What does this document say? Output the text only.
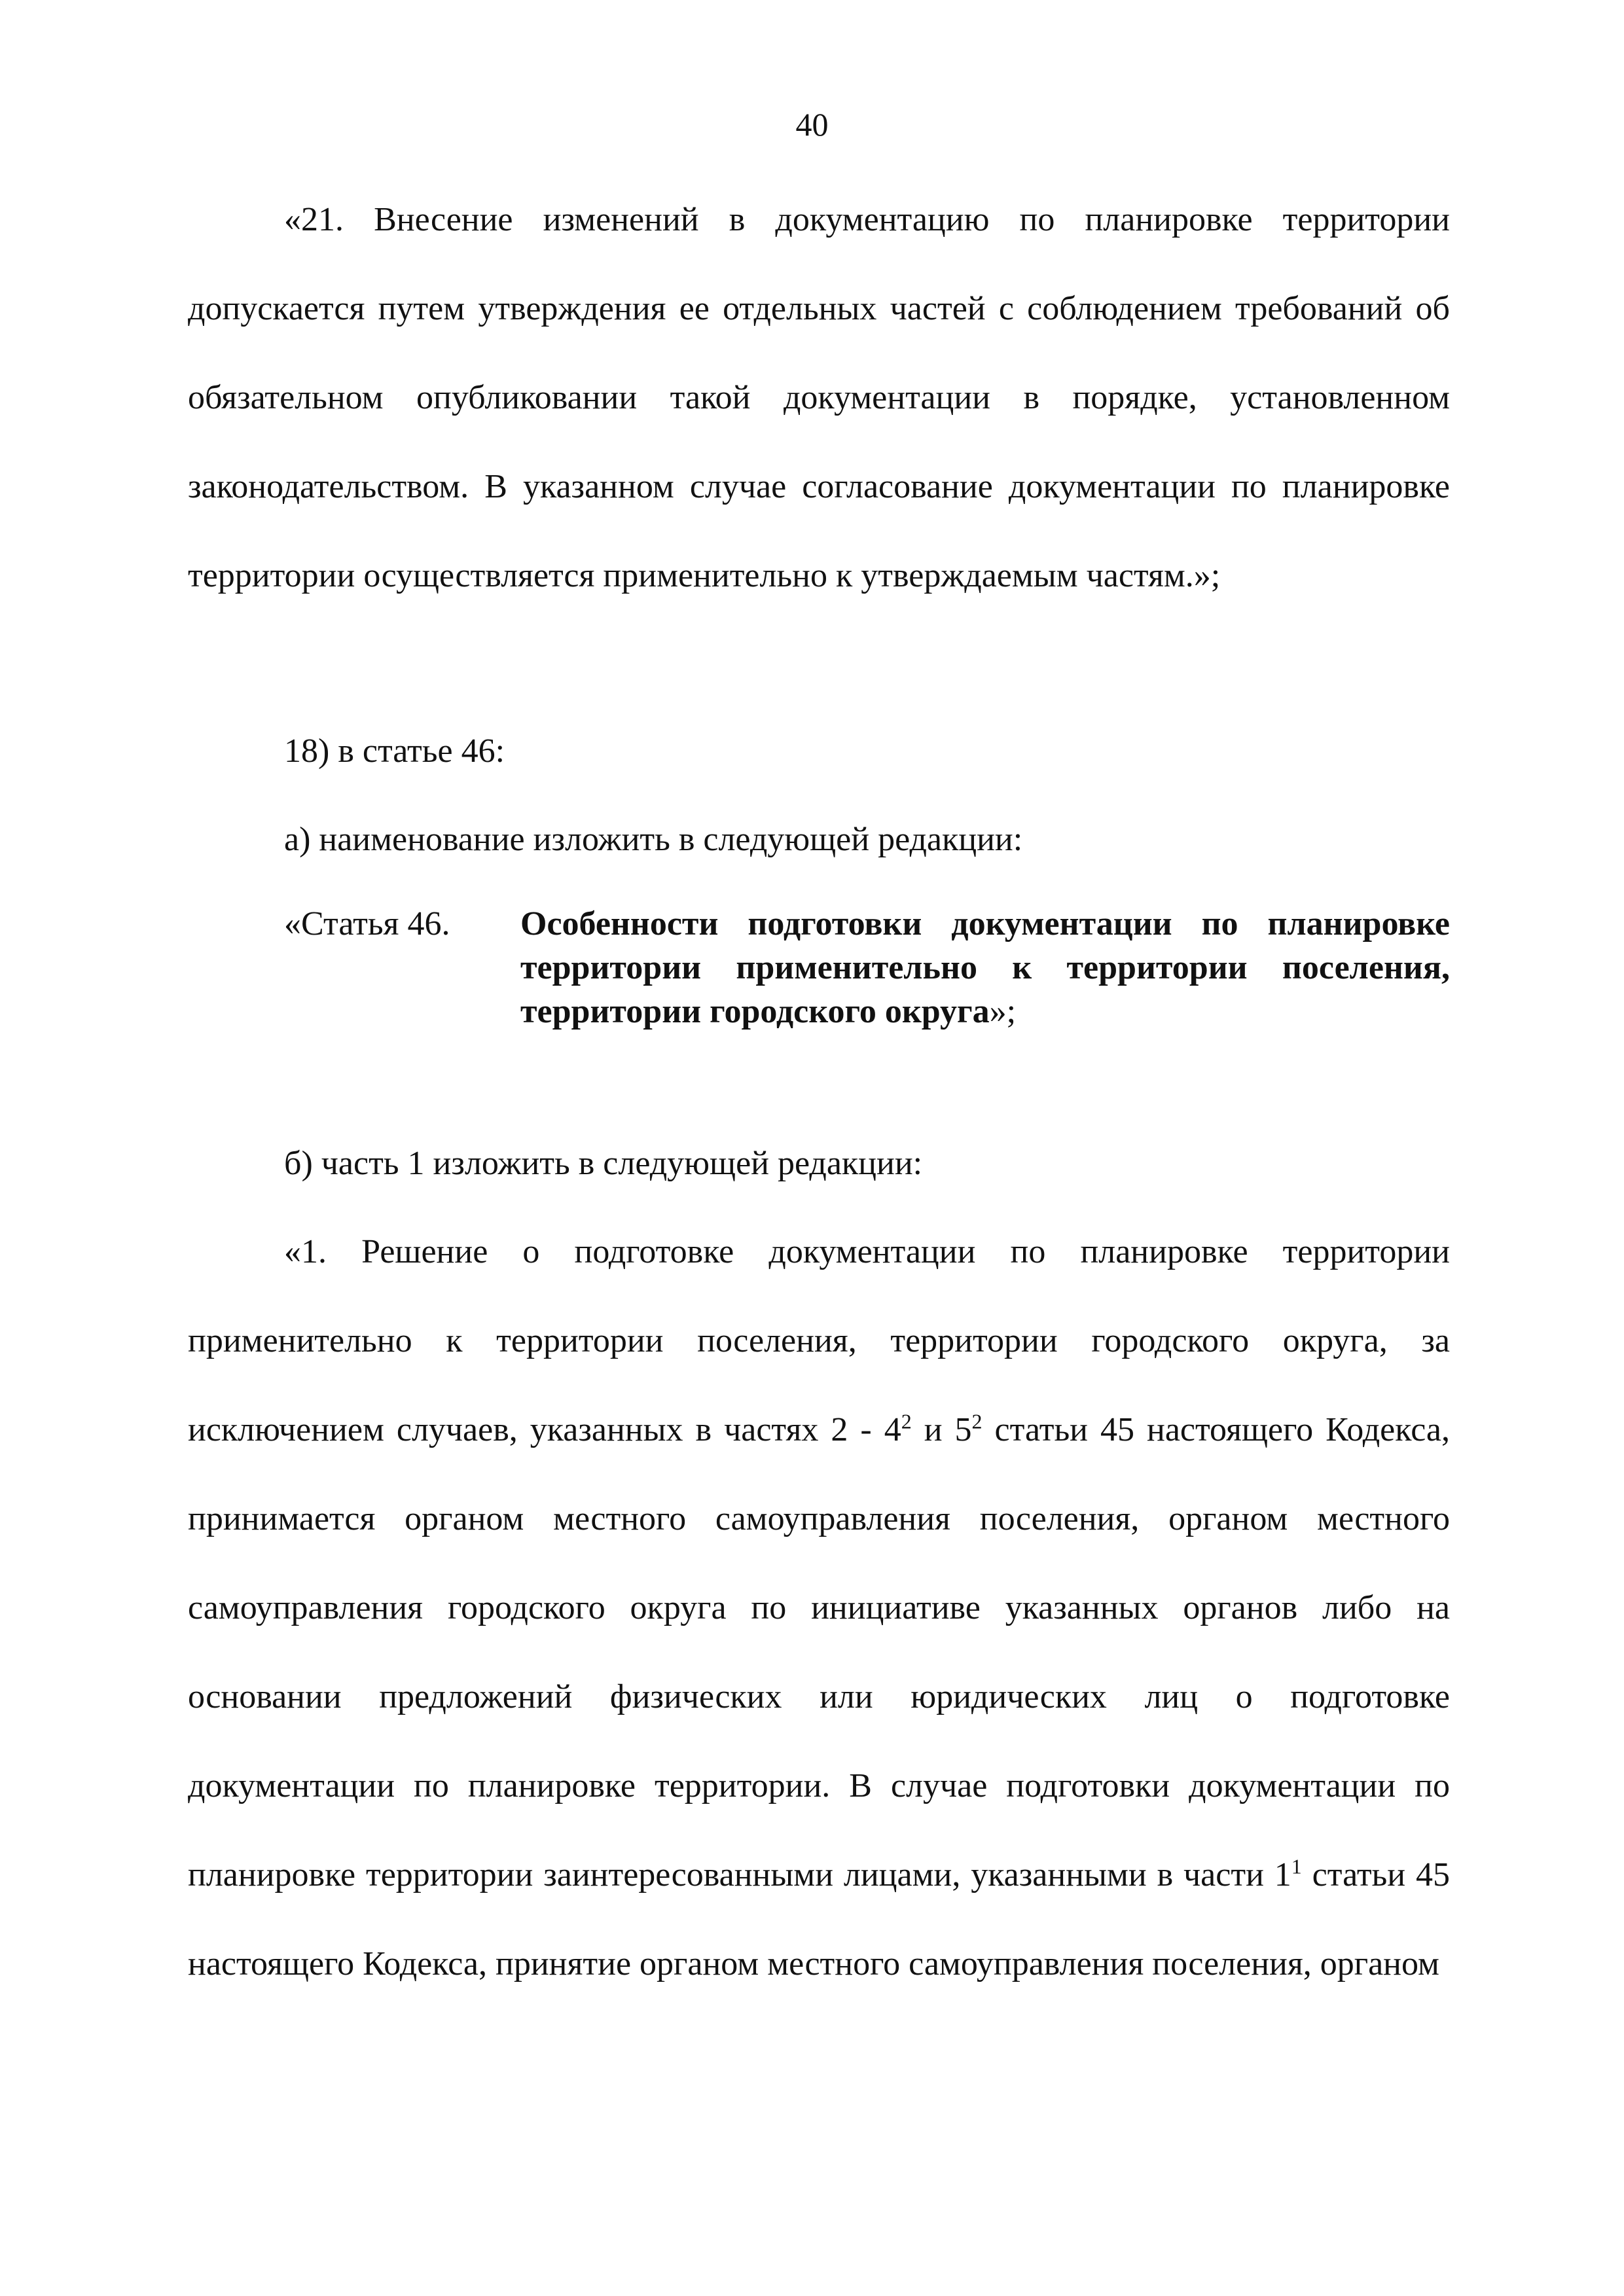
40

«21. Внесение изменений в документацию по планировке территории допускается путем утверждения ее отдельных частей с соблюдением требований об обязательном опубликовании такой документации в порядке, установленном законодательством. В указанном случае согласование документации по планировке территории осуществляется применительно к утверждаемым частям.»;

18) в статье 46:

а) наименование изложить в следующей редакции:

«Статья 46. Особенности подготовки документации по планировке территории применительно к территории поселения, территории городского округа»;

б) часть 1 изложить в следующей редакции:

«1. Решение о подготовке документации по планировке территории применительно к территории поселения, территории городского округа, за исключением случаев, указанных в частях $2 - 4^2$ и $5^2$ статьи 45 настоящего Кодекса, принимается органом местного самоуправления поселения, органом местного самоуправления городского округа по инициативе указанных органов либо на основании предложений физических или юридических лиц о подготовке документации по планировке территории. В случае подготовки документации по планировке территории заинтересованными лицами, указанными в части $1^1$ статьи 45 настоящего Кодекса, принятие органом местного самоуправления поселения, органом
